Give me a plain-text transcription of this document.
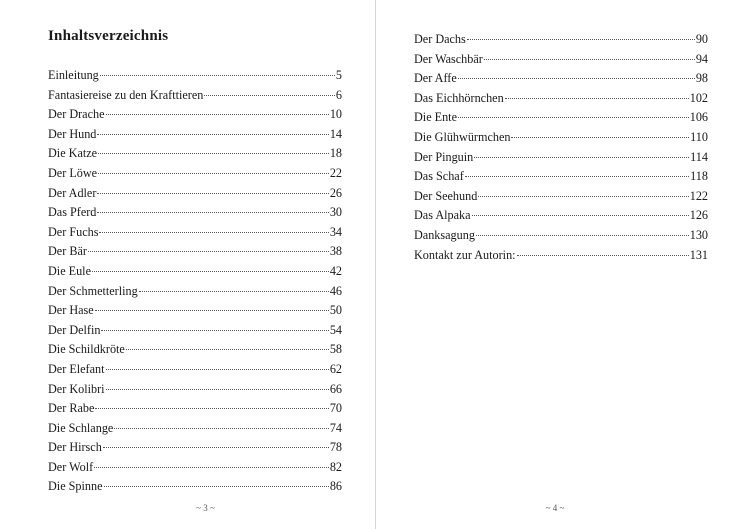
Inhaltsverzeichnis
Einleitung	5
Fantasiereise zu den Krafttieren	6
Der Drache	10
Der Hund	14
Die Katze	18
Der Löwe	22
Der Adler	26
Das Pferd	30
Der Fuchs	34
Der Bär	38
Die Eule	42
Der Schmetterling	46
Der Hase	50
Der Delfin	54
Die Schildkröte	58
Der Elefant	62
Der Kolibri	66
Der Rabe	70
Die Schlange	74
Der Hirsch	78
Der Wolf	82
Die Spinne	86
~ 3 ~
Der Dachs	90
Der Waschbär	94
Der Affe	98
Das Eichhörnchen	102
Die Ente	106
Die Glühwürmchen	110
Der Pinguin	114
Das Schaf	118
Der Seehund	122
Das Alpaka	126
Danksagung	130
Kontakt zur Autorin:	131
~ 4 ~
